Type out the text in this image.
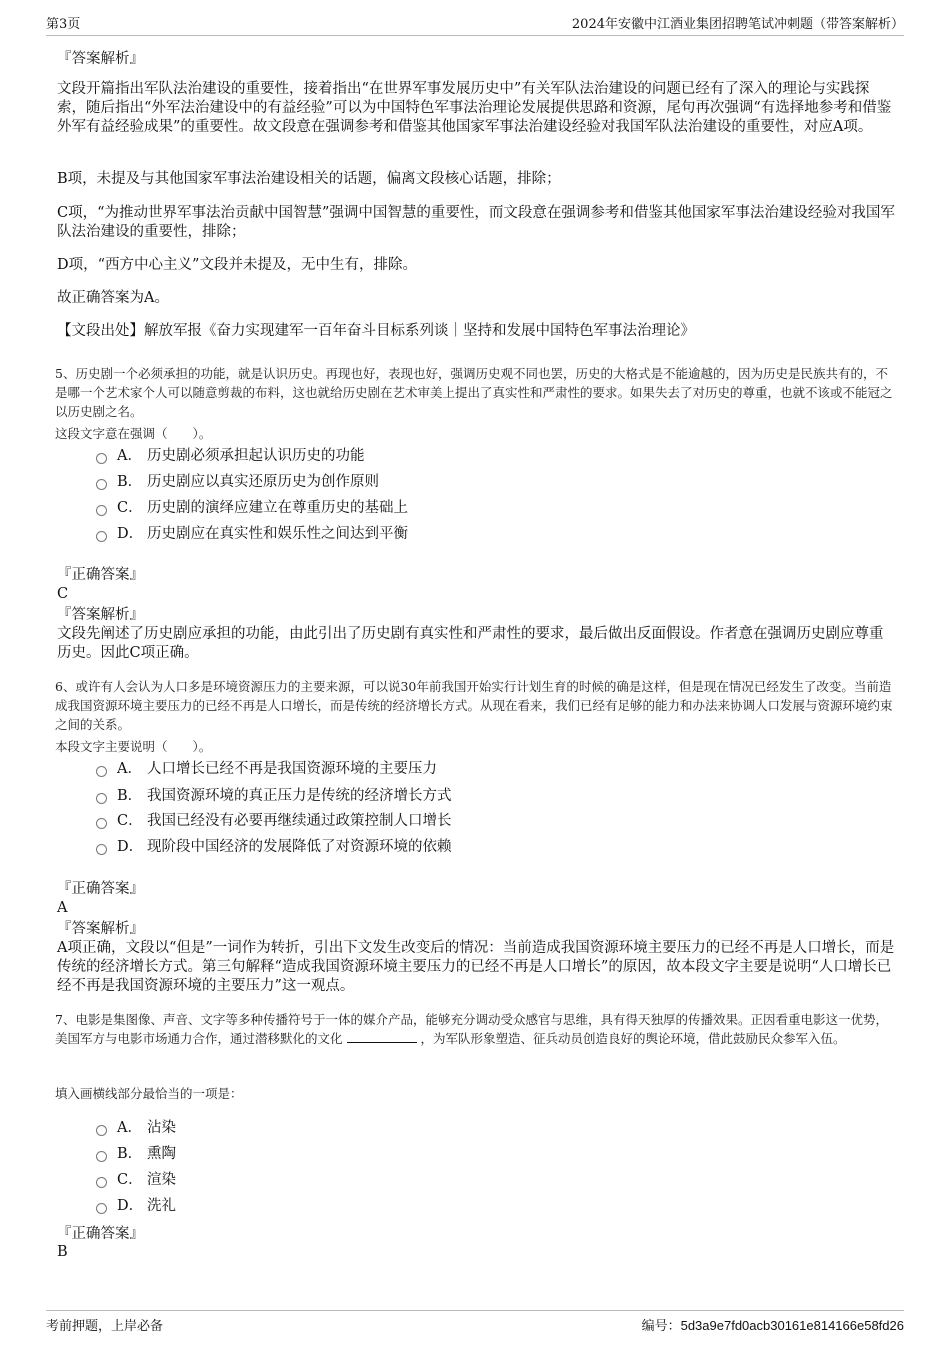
第3页	2024年安徽中江酒业集团招聘笔试冲刺题（带答案解析）

『答案解析』

文段开篇指出军队法治建设的重要性，接着指出“在世界军事发展历史中”有关军队法治建设的问题已经有了深入的理论与实践探索，随后指出“外军法治建设中的有益经验”可以为中国特色军事法治理论发展提供思路和资源，尾句再次强调“有选择地参考和借鉴外军有益经验成果”的重要性。故文段意在强调参考和借鉴其他国家军事法治建设经验对我国军队法治建设的重要性，对应A项。

B项，未提及与其他国家军事法治建设相关的话题，偏离文段核心话题，排除；

C项，“为推动世界军事法治贡献中国智慧”强调中国智慧的重要性，而文段意在强调参考和借鉴其他国家军事法治建设经验对我国军队法治建设的重要性，排除；

D项，“西方中心主义”文段并未提及，无中生有，排除。

故正确答案为A。

【文段出处】解放军报《奋力实现建军一百年奋斗目标系列谈｜坚持和发展中国特色军事法治理论》

5、历史剧一个必须承担的功能，就是认识历史。再现也好，表现也好，强调历史观不同也罢，历史的大格式是不能逾越的，因为历史是民族共有的，不是哪一个艺术家个人可以随意剪裁的布料，这也就给历史剧在艺术审美上提出了真实性和严肃性的要求。如果失去了对历史的尊重，也就不该或不能冠之以历史剧之名。

这段文字意在强调（　　）。

A． 历史剧必须承担起认识历史的功能
B． 历史剧应以真实还原历史为创作原则
C． 历史剧的演绎应建立在尊重历史的基础上
D． 历史剧应在真实性和娱乐性之间达到平衡

『正确答案』

C

『答案解析』

文段先阐述了历史剧应承担的功能，由此引出了历史剧有真实性和严肃性的要求，最后做出反面假设。作者意在强调历史剧应尊重历史。因此C项正确。

6、或许有人会认为人口多是环境资源压力的主要来源，可以说30年前我国开始实行计划生育的时候的确是这样，但是现在情况已经发生了改变。当前造成我国资源环境主要压力的已经不再是人口增长，而是传统的经济增长方式。从现在看来，我们已经有足够的能力和办法来协调人口发展与资源环境约束之间的关系。

本段文字主要说明（　　）。

A． 人口增长已经不再是我国资源环境的主要压力
B． 我国资源环境的真正压力是传统的经济增长方式
C． 我国已经没有必要再继续通过政策控制人口增长
D． 现阶段中国经济的发展降低了对资源环境的依赖

『正确答案』

A

『答案解析』

A项正确，文段以“但是”一词作为转折，引出下文发生改变后的情况：当前造成我国资源环境主要压力的已经不再是人口增长，而是传统的经济增长方式。第三句解释“造成我国资源环境主要压力的已经不再是人口增长”的原因，故本段文字主要是说明“人口增长已经不再是我国资源环境的主要压力”这一观点。

7、电影是集图像、声音、文字等多种传播符号于一体的媒介产品，能够充分调动受众感官与思维，具有得天独厚的传播效果。正因看重电影这一优势，美国军方与电影市场通力合作，通过潜移默化的文化	，为军队形象塑造、征兵动员创造良好的舆论环境，借此鼓励民众参军入伍。

填入画横线部分最恰当的一项是：

A． 沾染
B． 熏陶
C． 渲染
D． 洗礼

『正确答案』

B

考前押题，上岸必备	编号：5d3a9e7fd0acb30161e814166e58fd26
